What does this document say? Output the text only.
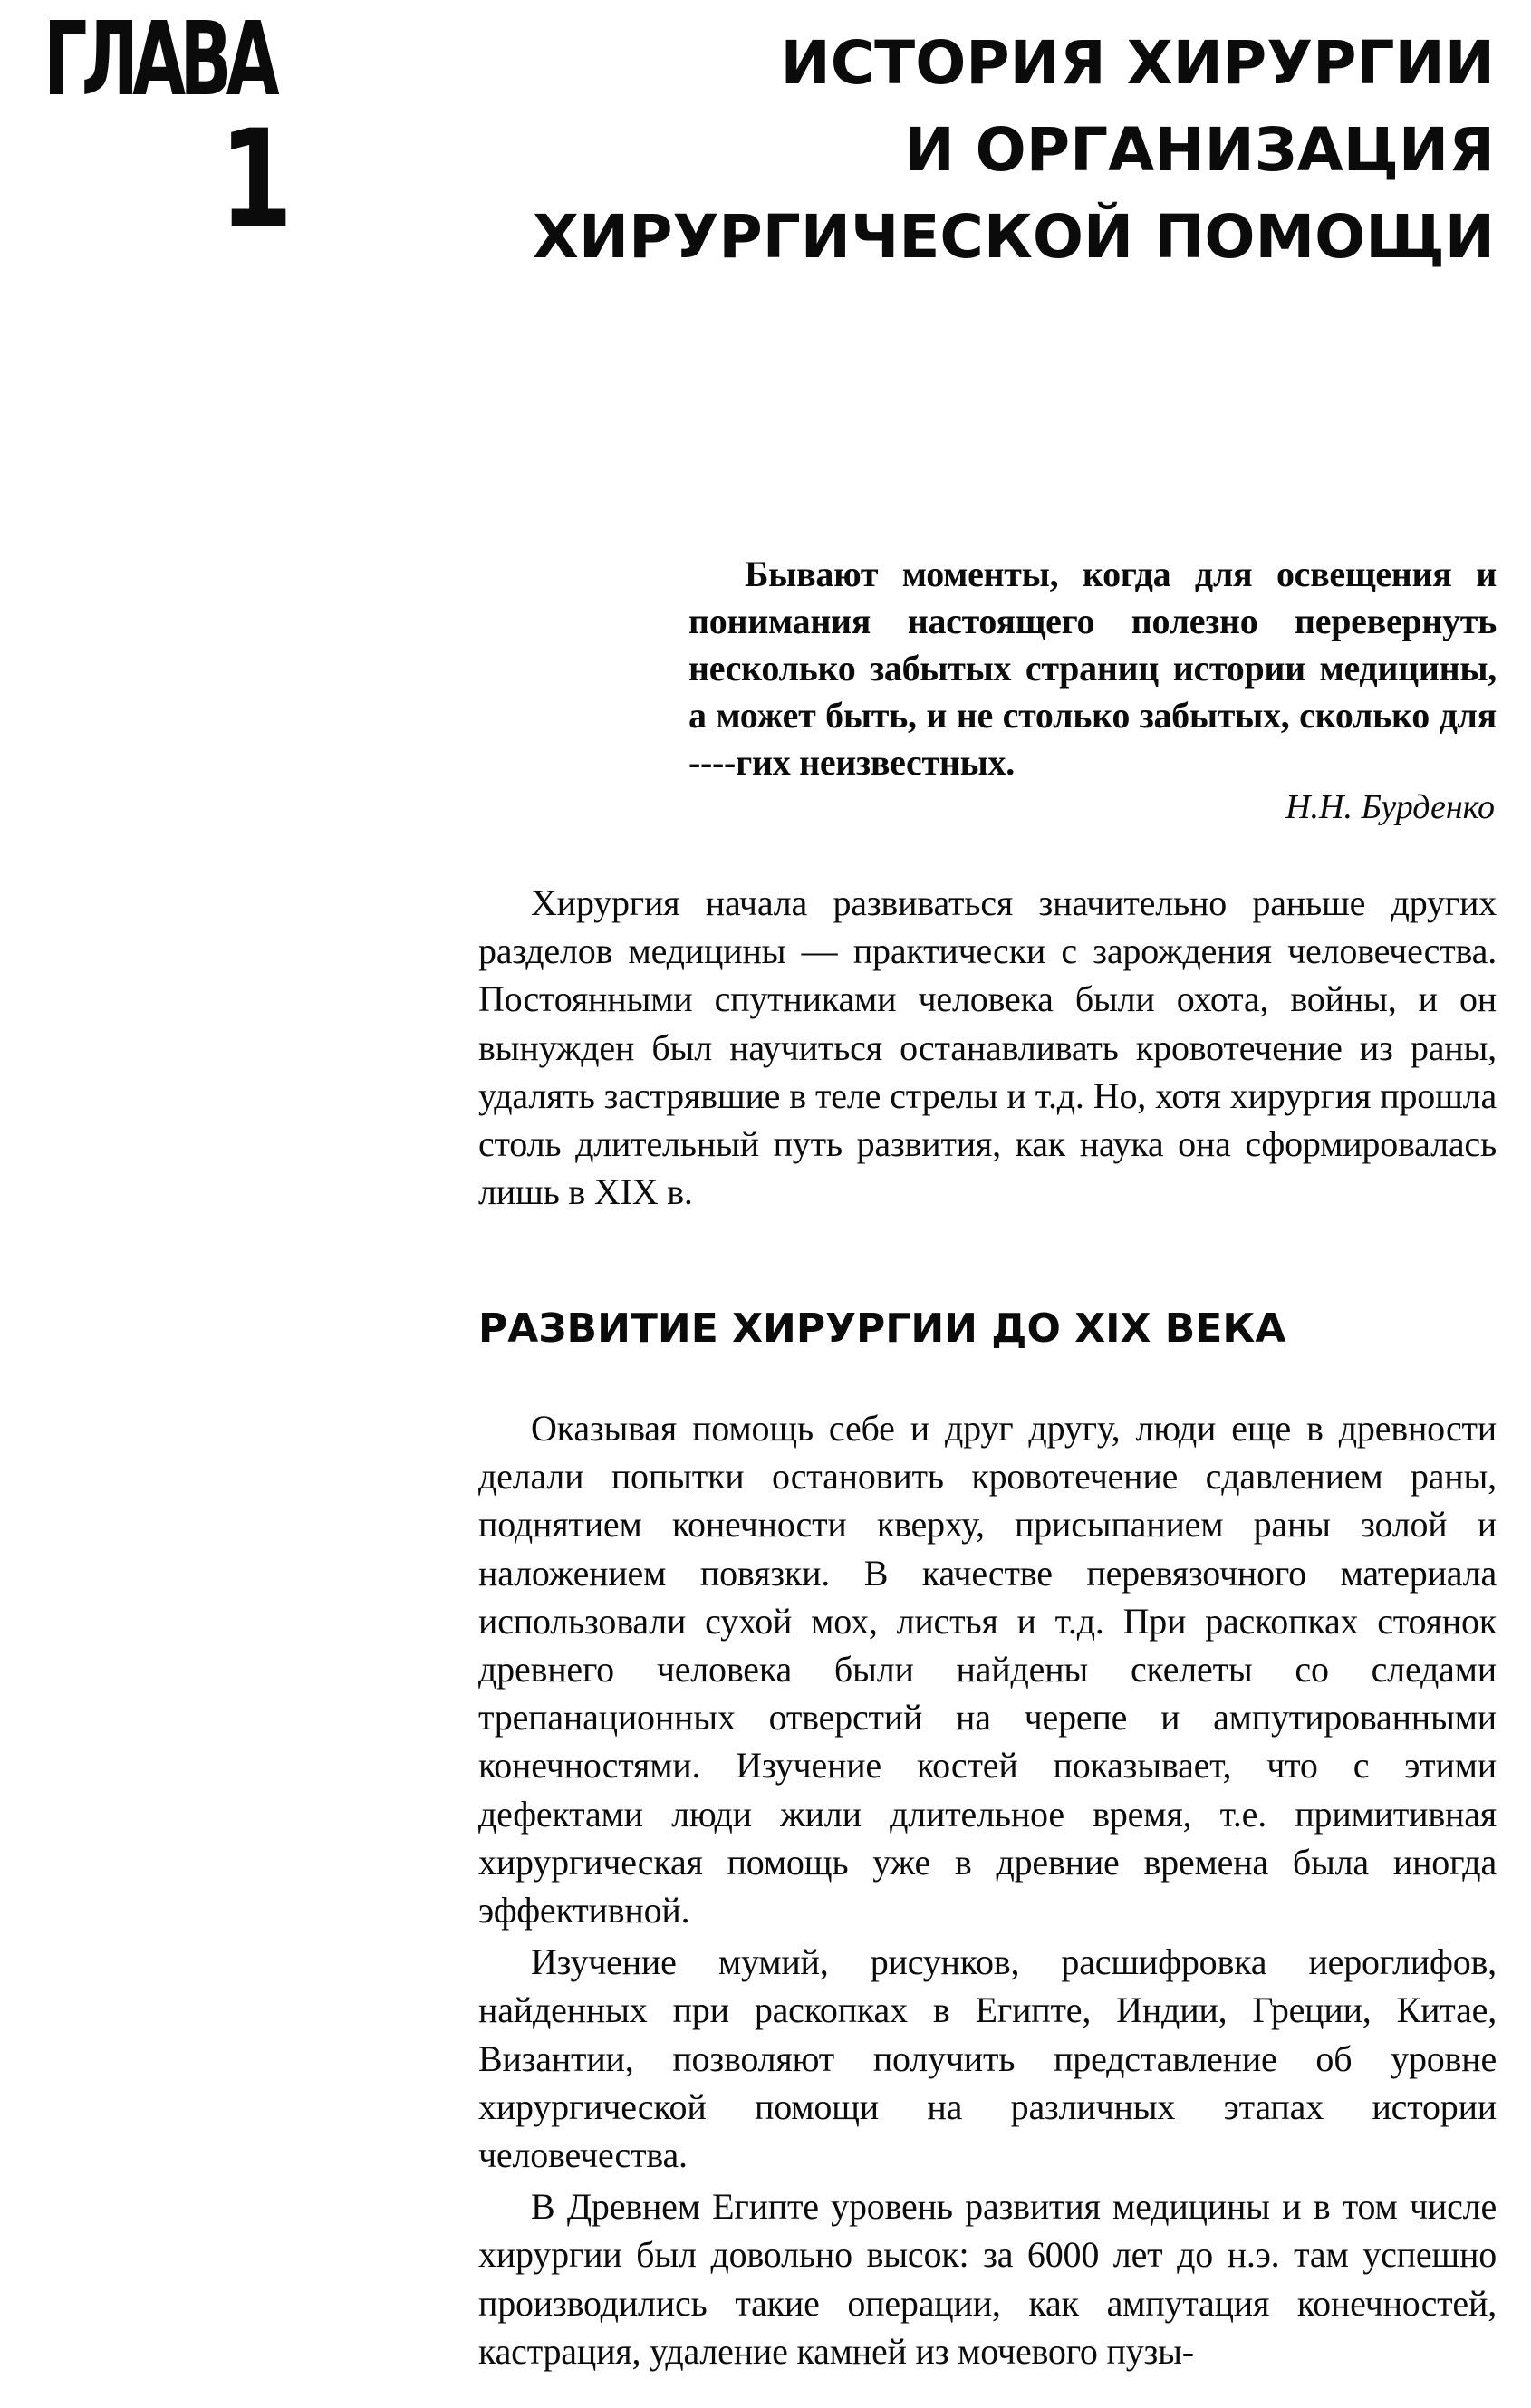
ГЛАВА
1
ИСТОРИЯ ХИРУРГИИ
И ОРГАНИЗАЦИЯ
ХИРУРГИЧЕСКОЙ ПОМОЩИ
Бывают моменты, когда для освещения и понимания настоящего полезно перевернуть несколько забытых страниц истории медицины, а может быть, и не столько забытых, сколько для ----гих неизвестных.
Н.Н. Бурденко

Хирургия начала развиваться значительно раньше других разделов медицины — практически с зарождения человечества. Постоянными спутниками человека были охота, войны, и он вынужден был научиться останавливать кровотечение из раны, удалять застрявшие в теле стрелы и т.д. Но, хотя хирургия прошла столь длительный путь развития, как наука она сформировалась лишь в XIX в.

РАЗВИТИЕ ХИРУРГИИ ДО XIX ВЕКА

Оказывая помощь себе и друг другу, люди еще в древности делали попытки остановить кровотечение сдавлением раны, поднятием конечности кверху, присыпанием раны золой и наложением повязки. В качестве перевязочного материала использовали сухой мох, листья и т.д. При раскопках стоянок древнего человека были найдены скелеты со следами трепанационных отверстий на черепе и ампутированными конечностями. Изучение костей показывает, что с этими дефектами люди жили длительное время, т.е. примитивная хирургическая помощь уже в древние времена была иногда эффективной.

Изучение мумий, рисунков, расшифровка иероглифов, найденных при раскопках в Египте, Индии, Греции, Китае, Византии, позволяют получить представление об уровне хирургической помощи на различных этапах истории человечества.

В Древнем Египте уровень развития медицины и в том числе хирургии был довольно высок: за 6000 лет до н.э. там успешно производились такие операции, как ампутация конечностей, кастрация, удаление камней из мочевого пузы-
